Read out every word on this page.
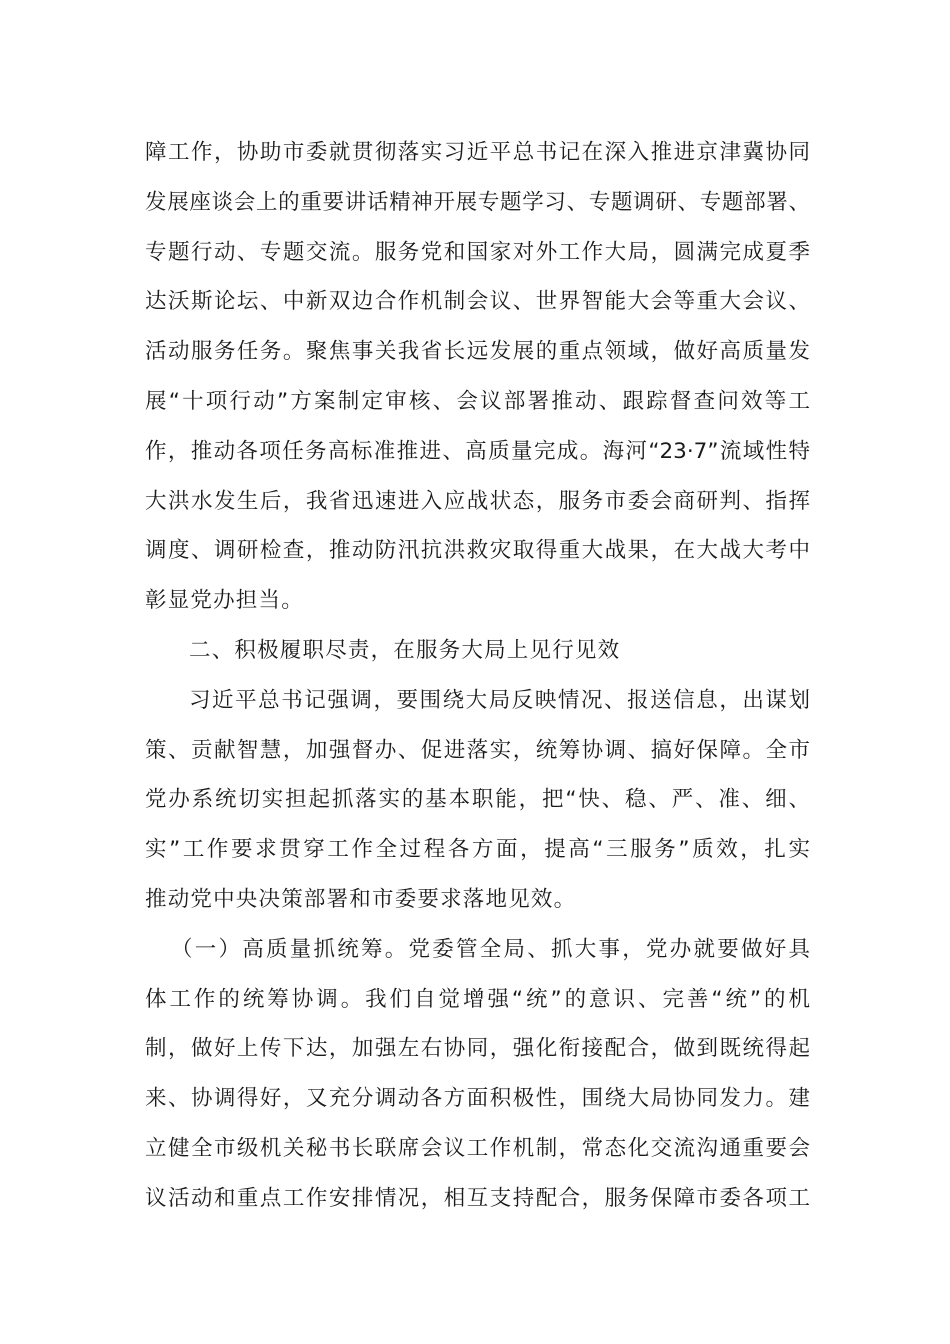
障工作，协助市委就贯彻落实习近平总书记在深入推进京津冀协同
发展座谈会上的重要讲话精神开展专题学习、专题调研、专题部署、
专题行动、专题交流。服务党和国家对外工作大局，圆满完成夏季
达沃斯论坛、中新双边合作机制会议、世界智能大会等重大会议、
活动服务任务。聚焦事关我省长远发展的重点领域，做好高质量发
展“十项行动”方案制定审核、会议部署推动、跟踪督查问效等工
作，推动各项任务高标准推进、高质量完成。海河“23·7”流域性特
大洪水发生后，我省迅速进入应战状态，服务市委会商研判、指挥
调度、调研检查，推动防汛抗洪救灾取得重大战果，在大战大考中
彰显党办担当。
二、积极履职尽责，在服务大局上见行见效
习近平总书记强调，要围绕大局反映情况、报送信息，出谋划
策、贡献智慧，加强督办、促进落实，统筹协调、搞好保障。全市
党办系统切实担起抓落实的基本职能，把“快、稳、严、准、细、
实”工作要求贯穿工作全过程各方面，提高“三服务”质效，扎实
推动党中央决策部署和市委要求落地见效。
（一）高质量抓统筹。党委管全局、抓大事，党办就要做好具
体工作的统筹协调。我们自觉增强“统”的意识、完善“统”的机
制，做好上传下达，加强左右协同，强化衔接配合，做到既统得起
来、协调得好，又充分调动各方面积极性，围绕大局协同发力。建
立健全市级机关秘书长联席会议工作机制，常态化交流沟通重要会
议活动和重点工作安排情况，相互支持配合，服务保障市委各项工
